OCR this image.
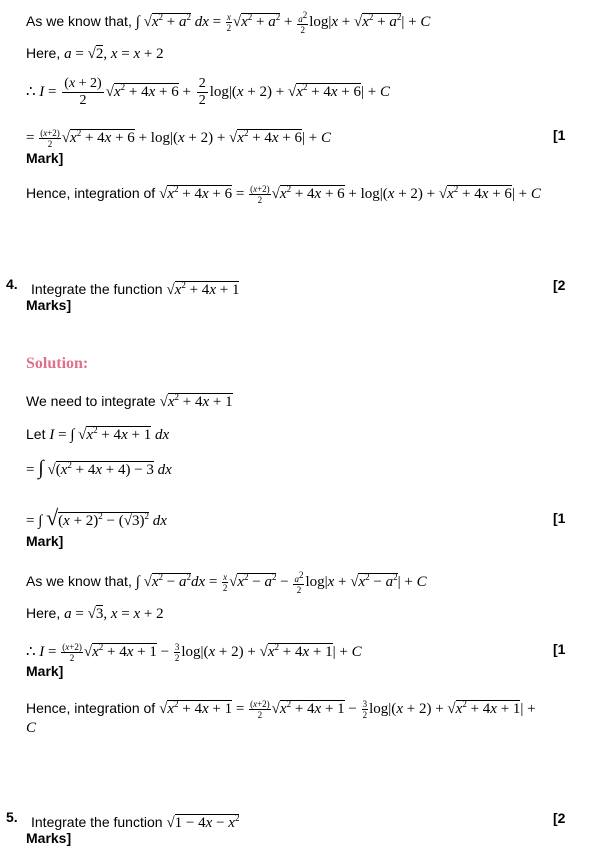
As we know that, ∫ $√x^2 + a^2$ dx = $\frac{x}{2} √x^2 + a^2 + \frac{a^2}{2} \log|x + √x^2 + a^2| + C$
Here, a = √2, x = x + 2
∴ $I = \frac{(x + 2)}{2} √x^2 + 4x + 6 + \frac{2}{2} \log|(x + 2) + √x^2 + 4x + 6| + C$
= $\frac{(x+2)}{2} √x^2 + 4x + 6 + \log|(x + 2) + √x^2 + 4x + 6| + C$	[1
Mark]
Hence, integration of $√x^2 + 4x + 6 = \frac{(x+2)}{2} √x^2 + 4x + 6 + \log|(x + 2) + √x^2 + 4x + 6| + C$
4. Integrate the function $√x^2 + 4x + 1$	[2
Marks]
Solution:
We need to integrate $√x^2 + 4x + 1$
Let I = ∫ $√x^2 + 4x + 1$ dx
= ∫ $√(x^2 + 4x + 4) - 3$ dx
= ∫ $√(x + 2)^2 - (√3)^2$ dx	[1
Mark]
As we know that, ∫ $√x^2 - a^2dx = \frac{x}{2} √x^2 - a^2 - \frac{a^2}{2} \log|x + √x^2 - a^2| + C$
Here, a = √3, x = x + 2
∴ $I = \frac{(x+2)}{2} √x^2 + 4x + 1 - \frac{3}{2} \log|(x + 2) + √x^2 + 4x + 1| + C$	[1
Mark]
Hence, integration of $√x^2 + 4x + 1 = \frac{(x+2)}{2} √x^2 + 4x + 1 - \frac{3}{2} \log|(x + 2) + √x^2 + 4x + 1|$ +
C
5. Integrate the function $√1 - 4x - x^2$	[2
Marks]
